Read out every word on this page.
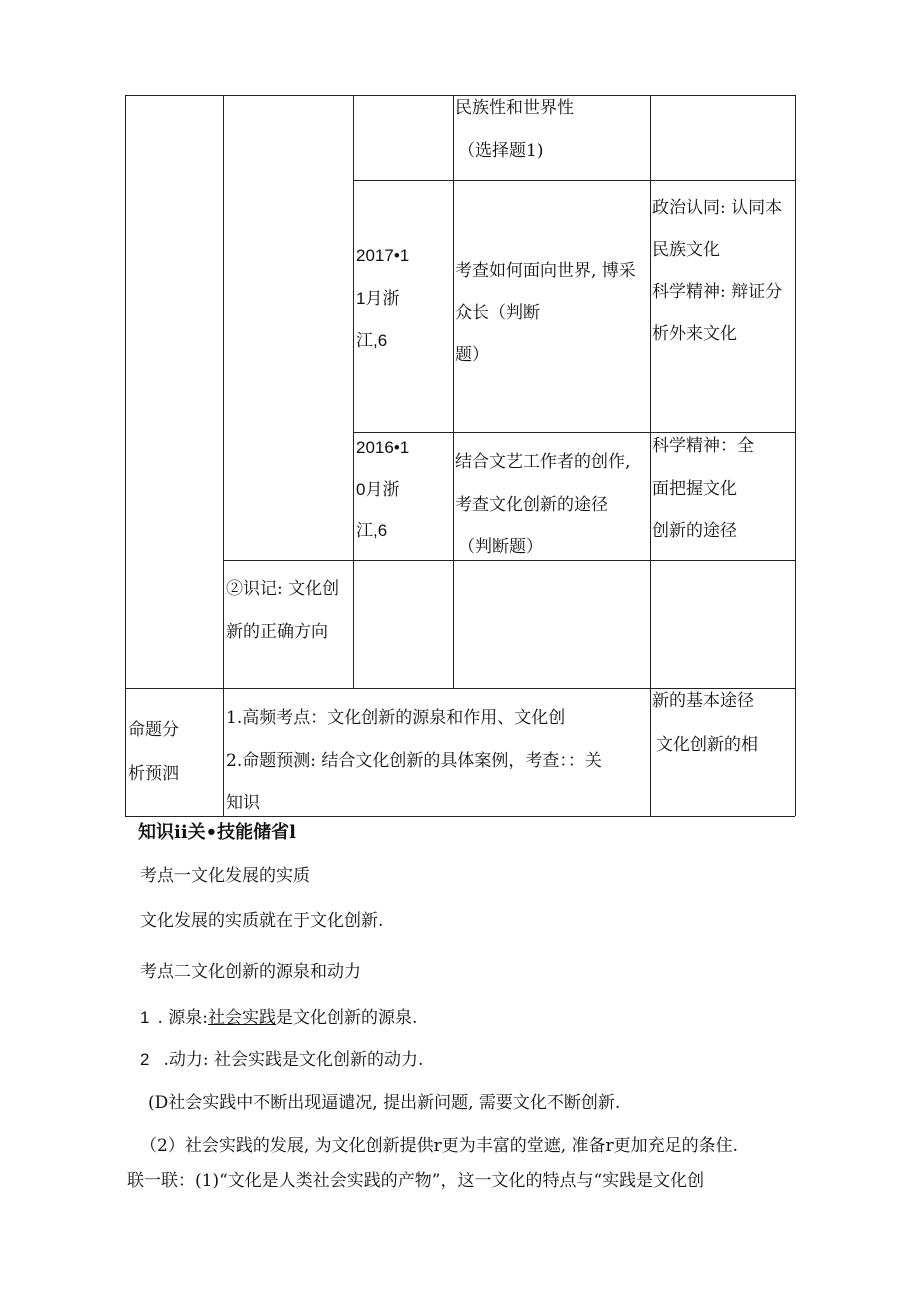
民族性和世界性
（选择题1)
2017•1
1月浙
江,6
考查如何面向世界, 博采
众长（判断
题）
政治认同: 认同本
民族文化
科学精神: 辩证分
析外来文化
2016•1
0月浙
江,6
结合文艺工作者的创作,
考查文化创新的途径
（判断题）
科学精神：全
面把握文化
创新的途径
②识记: 文化创
新的正确方向
命题分
析预泗
1.高频考点：文化创新的源泉和作用、文化创
2.命题预测: 结合文化创新的具体案例，考查：：关
知识
新的基本途径
文化创新的相
知识ii关•技能储省l
考点一文化发展的实质
文化发展的实质就在于文化创新.
考点二文化创新的源泉和动力
1 . 源泉:社会实践是文化创新的源泉.
2 .动力: 社会实践是文化创新的动力.
(D社会实践中不断出现逼谴况, 提出新问题, 需要文化不断创新.
（2）社会实践的发展, 为文化创新提供r更为丰富的堂遮, 准备r更加充足的条住.
联一联：(1)“文化是人类社会实践的产物”，这一文化的特点与“实践是文化创
